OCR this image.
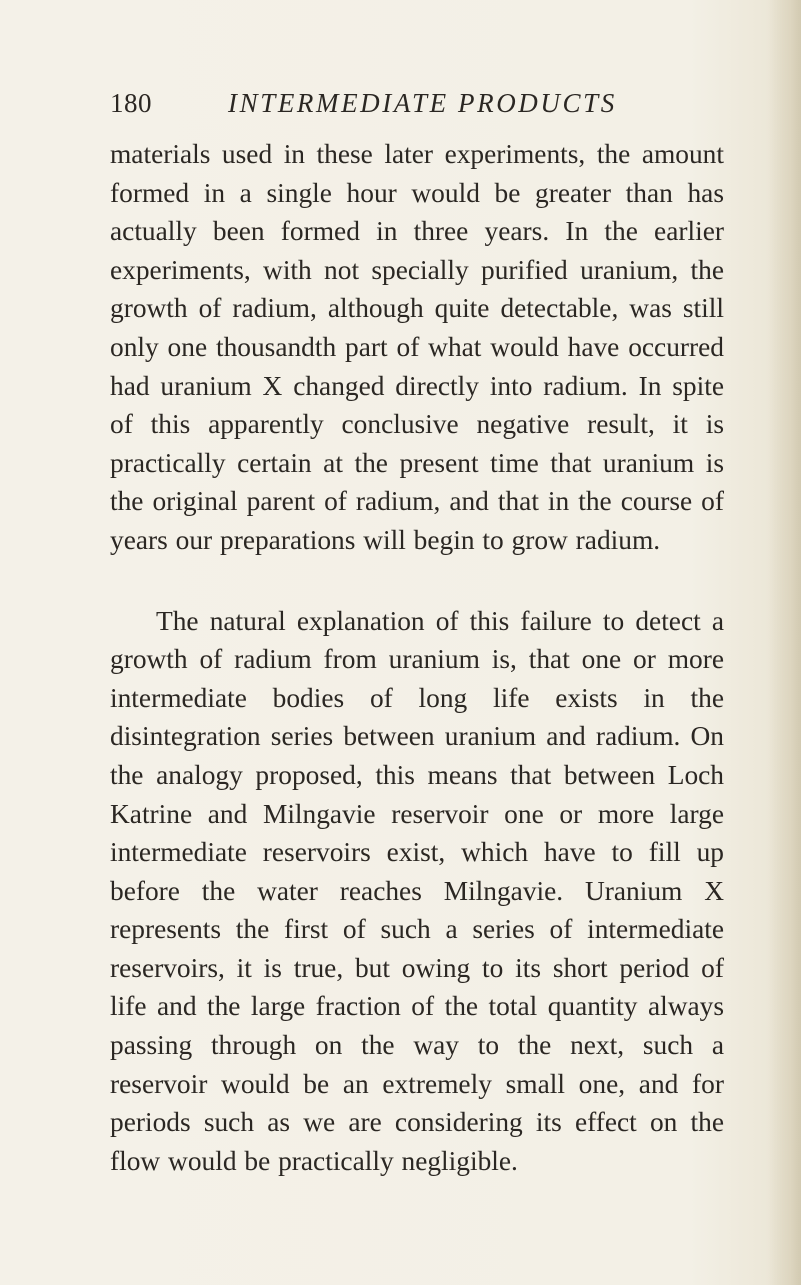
180	INTERMEDIATE PRODUCTS

materials used in these later experiments, the amount formed in a single hour would be greater than has actually been formed in three years. In the earlier experiments, with not specially purified uranium, the growth of radium, although quite detectable, was still only one thousandth part of what would have occurred had uranium X changed directly into radium. In spite of this apparently conclusive negative result, it is practically certain at the present time that uranium is the original parent of radium, and that in the course of years our preparations will begin to grow radium.

The natural explanation of this failure to detect a growth of radium from uranium is, that one or more intermediate bodies of long life exists in the disintegration series between uranium and radium. On the analogy proposed, this means that between Loch Katrine and Milngavie reservoir one or more large intermediate reservoirs exist, which have to fill up before the water reaches Milngavie. Uranium X represents the first of such a series of intermediate reservoirs, it is true, but owing to its short period of life and the large fraction of the total quantity always passing through on the way to the next, such a reservoir would be an extremely small one, and for periods such as we are considering its effect on the flow would be practically negligible.
